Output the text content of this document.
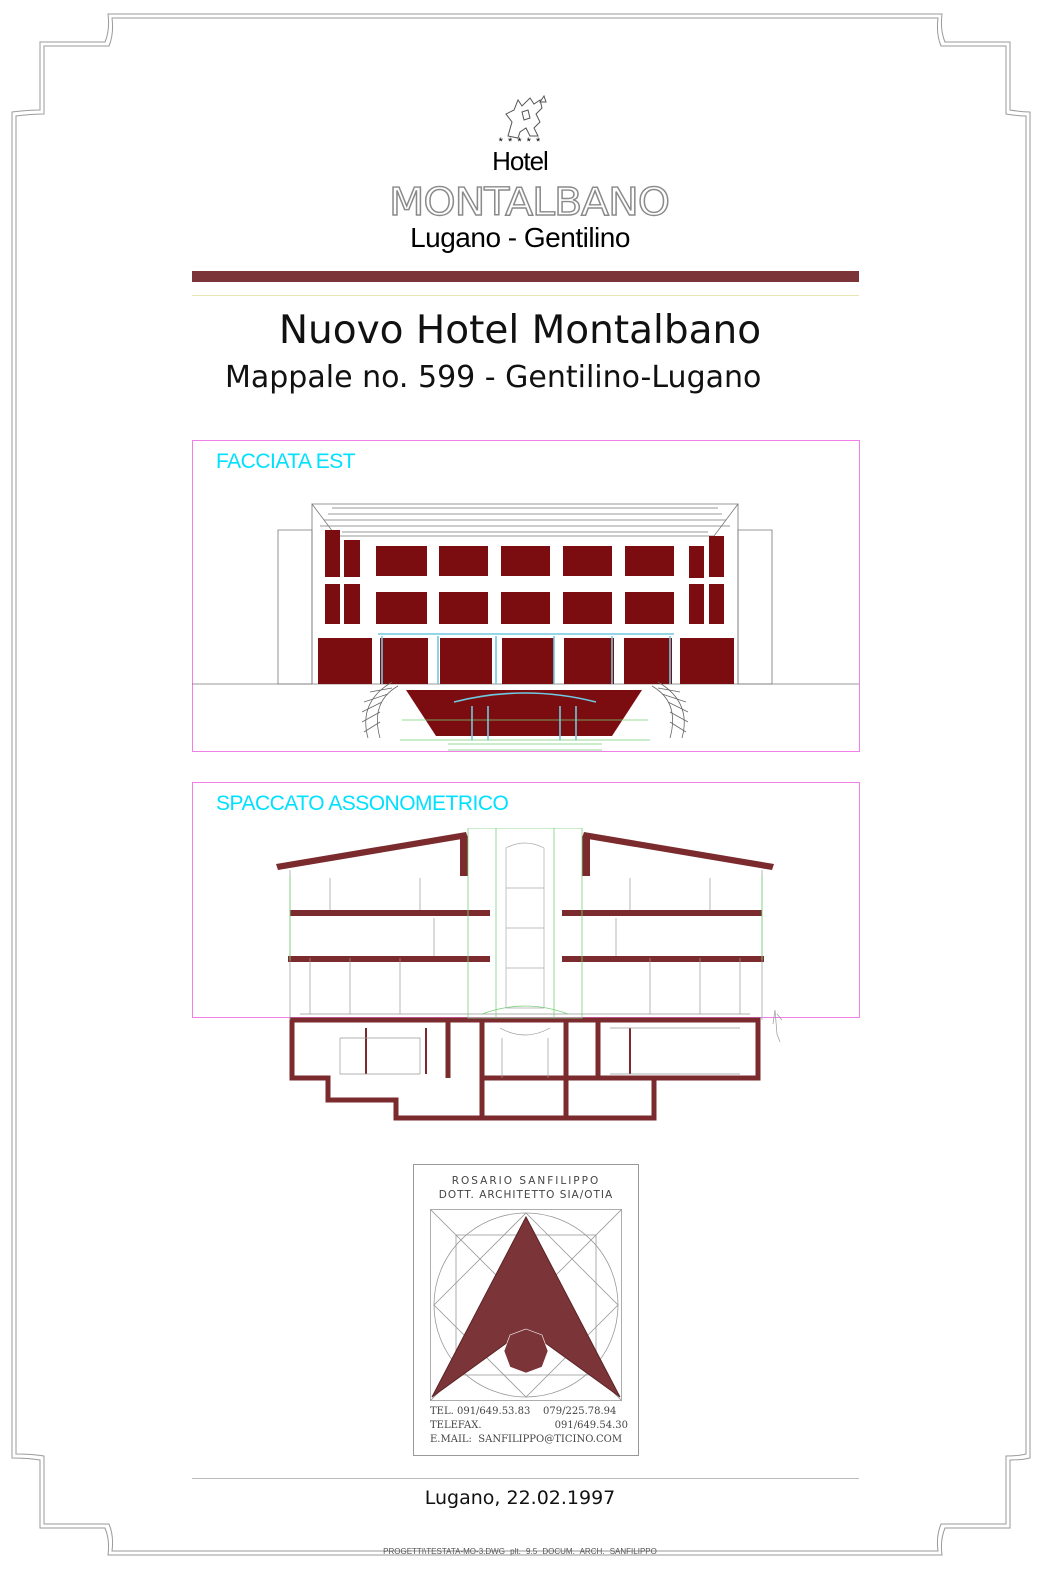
* * * * *
Hotel
MONTALBANO
Lugano - Gentilino
Nuovo Hotel Montalbano
Mappale no. 599 - Gentilino-Lugano
FACCIATA EST
SPACCATO ASSONOMETRICO
ROSARIO SANFILIPPO
DOTT. ARCHITETTO SIA/OTIA
TEL. 091/649.53.83 079/225.78.94
TELEFAX.	091/649.54.30
E.MAIL: SANFILIPPO@TICINO.COM
Lugano, 22.02.1997
PROGETTI\TESTATA-MO-3.DWG plt. 9.5 DOCUM. ARCH. SANFILIPPO
